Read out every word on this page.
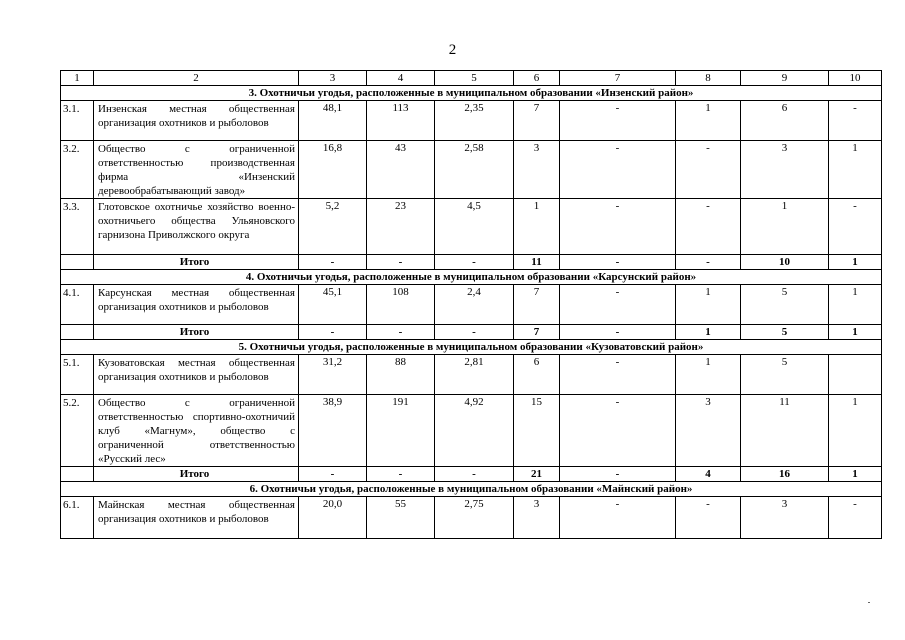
2
1	2	3	4	5	6	7	8	9	10
3. Охотничьи угодья, расположенные в муниципальном образовании «Инзенский район»									
3.1.	Инзенская местная общественная организация охотников и рыболовов	48,1	113	2,35	7	-	1	6	-
3.2.	Общество с ограниченной ответственностью производственная фирма «Инзенский деревообрабатывающий завод»	16,8	43	2,58	3	-	-	3	1
3.3.	Глотовское охотничье хозяйство военно-охотничьего общества Ульяновского гарнизона Приволжского округа	5,2	23	4,5	1	-	-	1	-
	Итого	-	-	-	11	-	-	10	1
4. Охотничьи угодья, расположенные в муниципальном образовании «Карсунский район»									
4.1.	Карсунская местная общественная организация охотников и рыболовов	45,1	108	2,4	7	-	1	5	1
	Итого	-	-	-	7	-	1	5	1
5. Охотничьи угодья, расположенные в муниципальном образовании «Кузоватовский район»									
5.1.	Кузоватовская местная общественная организация охотников и рыболовов	31,2	88	2,81	6	-	1	5	
5.2.	Общество с ограниченной ответственностью спортивно-охотничий клуб «Магнум», общество с ограниченной ответственностью «Русский лес»	38,9	191	4,92	15	-	3	11	1
	Итого	-	-	-	21	-	4	16	1
6. Охотничьи угодья, расположенные в муниципальном образовании «Майнский район»									
6.1.	Майнская местная общественная организация охотников и рыболовов	20,0	55	2,75	3	-	-	3	-
